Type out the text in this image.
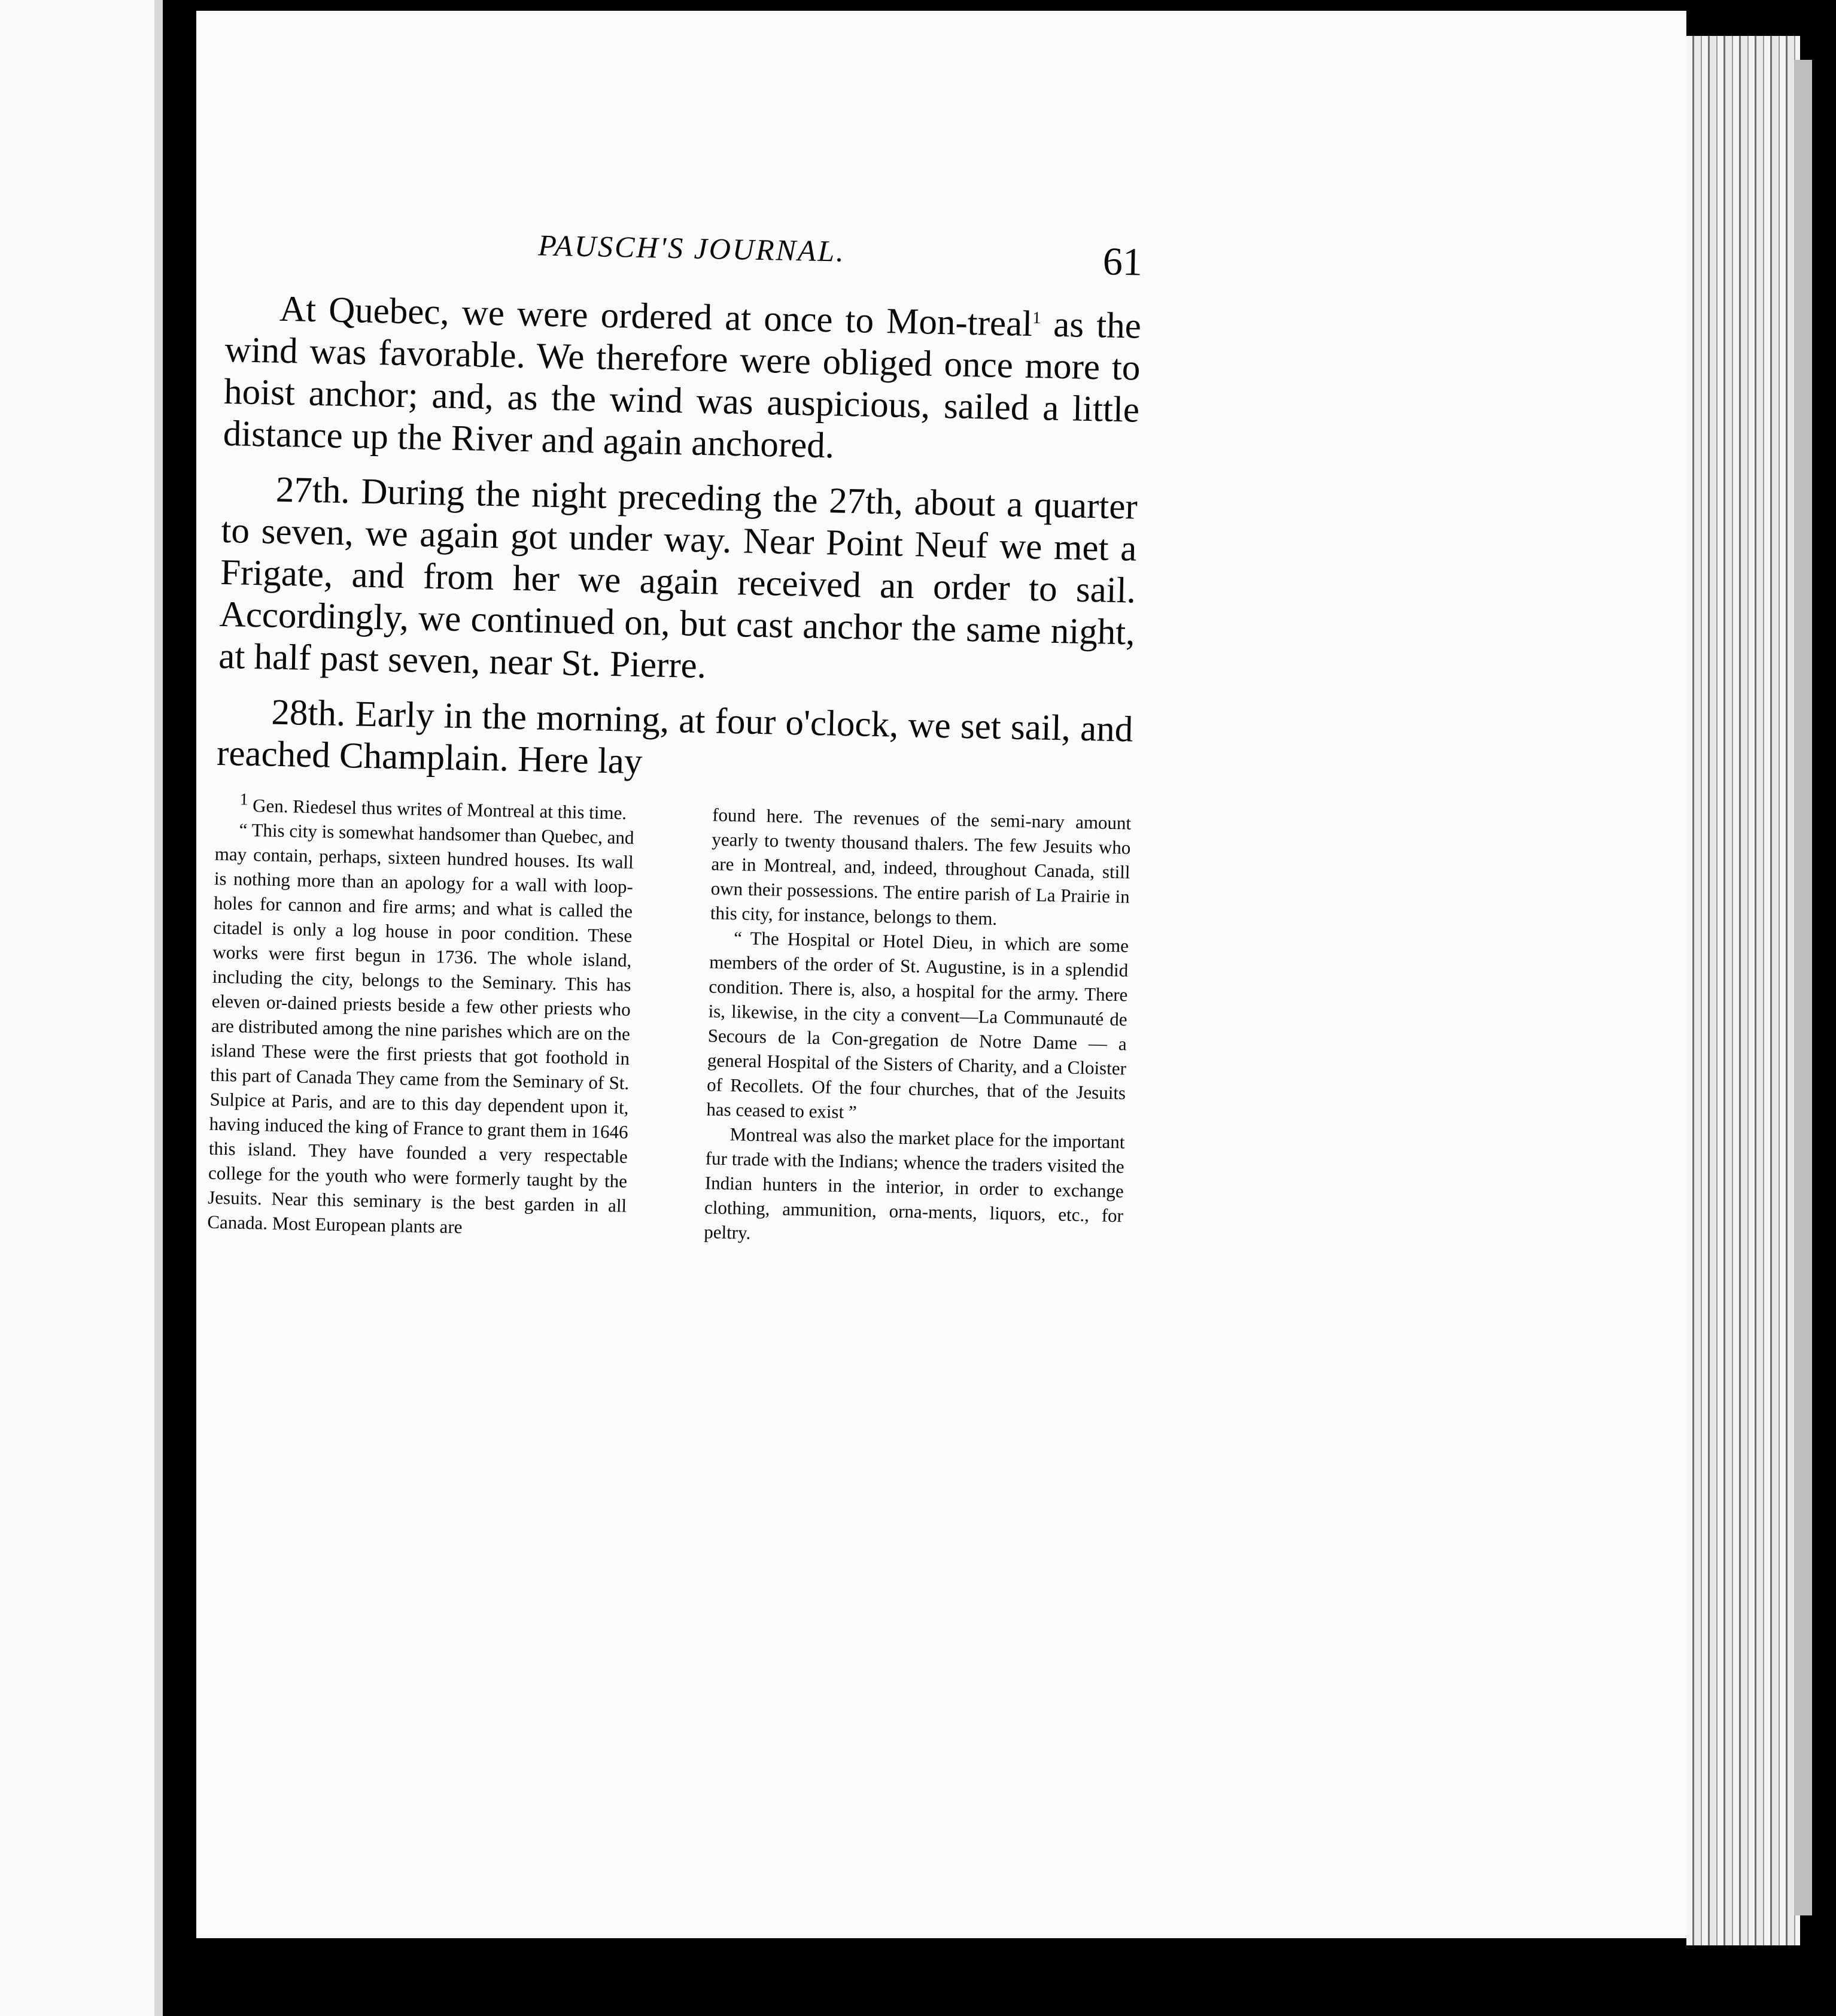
PAUSCH'S JOURNAL.	61

At Quebec, we were ordered at once to Mon-treal$^1$ as the wind was favorable. We therefore were obliged once more to hoist anchor; and, as the wind was auspicious, sailed a little distance up the River and again anchored.

27th. During the night preceding the 27th, about a quarter to seven, we again got under way. Near Point Neuf we met a Frigate, and from her we again received an order to sail. Accordingly, we continued on, but cast anchor the same night, at half past seven, near St. Pierre.

28th. Early in the morning, at four o'clock, we set sail, and reached Champlain. Here lay

$^1$ Gen. Riedesel thus writes of Montreal at this time.

“ This city is somewhat handsomer than Quebec, and may contain, perhaps, sixteen hundred houses. Its wall is nothing more than an apology for a wall with loop-holes for cannon and fire arms; and what is called the citadel is only a log house in poor condition. These works were first begun in 1736. The whole island, including the city, belongs to the Seminary. This has eleven or-dained priests beside a few other priests who are distributed among the nine parishes which are on the island These were the first priests that got foothold in this part of Canada They came from the Seminary of St. Sulpice at Paris, and are to this day dependent upon it, having induced the king of France to grant them in 1646 this island. They have founded a very respectable college for the youth who were formerly taught by the Jesuits. Near this seminary is the best garden in all Canada. Most European plants are

found here. The revenues of the semi-nary amount yearly to twenty thousand thalers. The few Jesuits who are in Montreal, and, indeed, throughout Canada, still own their possessions. The entire parish of La Prairie in this city, for instance, belongs to them.

“ The Hospital or Hotel Dieu, in which are some members of the order of St. Augustine, is in a splendid condition. There is, also, a hospital for the army. There is, likewise, in the city a convent—La Communauté de Secours de la Con-gregation de Notre Dame — a general Hospital of the Sisters of Charity, and a Cloister of Recollets. Of the four churches, that of the Jesuits has ceased to exist ”

Montreal was also the market place for the important fur trade with the Indians; whence the traders visited the Indian hunters in the interior, in order to exchange clothing, ammunition, orna-ments, liquors, etc., for peltry.
